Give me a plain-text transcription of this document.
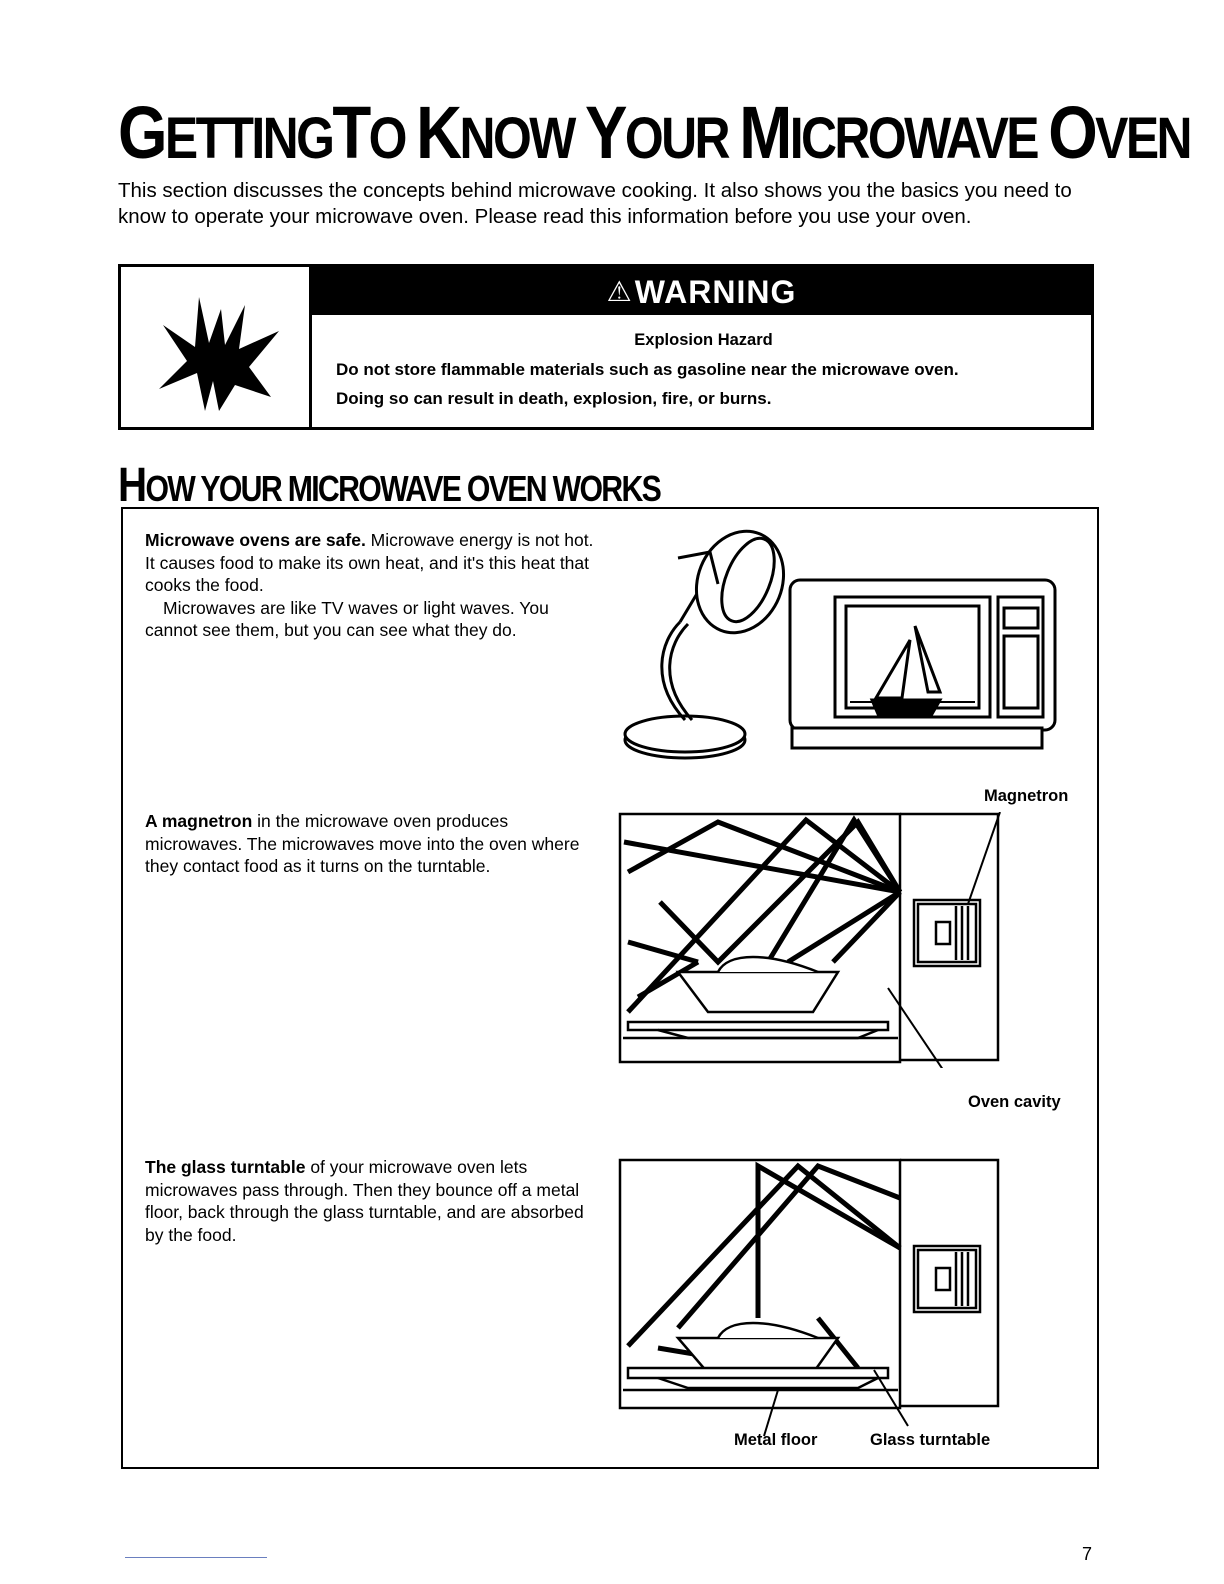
GETTINGTO KNOW YOUR MICROWAVE OVEN

This section discusses the concepts behind microwave cooking. It also shows you the basics you need to know to operate your microwave oven. Please read this information before you use your oven.

⚠WARNING

Explosion Hazard

Do not store flammable materials such as gasoline near the microwave oven.

Doing so can result in death, explosion, fire, or burns.

HOW YOUR MICROWAVE OVEN WORKS

Microwave ovens are safe. Microwave energy is not hot. It causes food to make its own heat, and it's this heat that cooks the food.
Microwaves are like TV waves or light waves. You cannot see them, but you can see what they do.

A magnetron in the microwave oven produces microwaves. The microwaves move into the oven where they contact food as it turns on the turntable.

The glass turntable of your microwave oven lets microwaves pass through. Then they bounce off a metal floor, back through the glass turntable, and are absorbed by the food.

Magnetron
Oven cavity
Metal floor	Glass turntable
7
